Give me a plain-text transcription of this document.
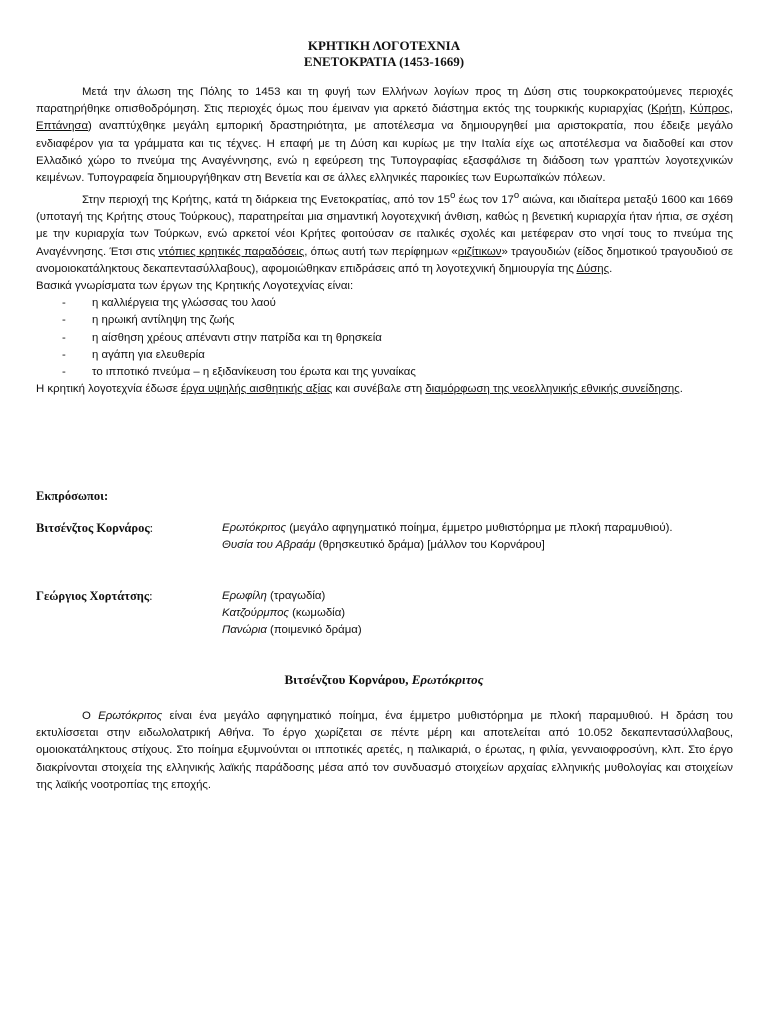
ΚΡΗΤΙΚΗ ΛΟΓΟΤΕΧΝΙΑ
ΕΝΕΤΟΚΡΑΤΙΑ (1453-1669)

Μετά την άλωση της Πόλης το 1453 και τη φυγή των Ελλήνων λογίων προς τη Δύση στις τουρκοκρατούμενες περιοχές παρατηρήθηκε οπισθοδρόμηση. Στις περιοχές όμως που έμειναν για αρκετό διάστημα εκτός της τουρκικής κυριαρχίας (Κρήτη, Κύπρος, Επτάνησα) αναπτύχθηκε μεγάλη εμπορική δραστηριότητα, με αποτέλεσμα να δημιουργηθεί μια αριστοκρατία, που έδειξε μεγάλο ενδιαφέρον για τα γράμματα και τις τέχνες. Η επαφή με τη Δύση και κυρίως με την Ιταλία είχε ως αποτέλεσμα να διαδοθεί και στον Ελλαδικό χώρο το πνεύμα της Αναγέννησης, ενώ η εφεύρεση της Τυπογραφίας εξασφάλισε τη διάδοση των γραπτών λογοτεχνικών κειμένων. Τυπογραφεία δημιουργήθηκαν στη Βενετία και σε άλλες ελληνικές παροικίες των Ευρωπαϊκών πόλεων.

Στην περιοχή της Κρήτης, κατά τη διάρκεια της Ενετοκρατίας, από τον $15^o$ έως τον $17^o$ αιώνα, και ιδιαίτερα μεταξύ 1600 και 1669 (υποταγή της Κρήτης στους Τούρκους), παρατηρείται μια σημαντική λογοτεχνική άνθιση, καθώς η βενετική κυριαρχία ήταν ήπια, σε σχέση με την κυριαρχία των Τούρκων, ενώ αρκετοί νέοι Κρήτες φοιτούσαν σε ιταλικές σχολές και μετέφεραν στο νησί τους το πνεύμα της Αναγέννησης. Έτσι στις ντόπιες κρητικές παραδόσεις, όπως αυτή των περίφημων «ριζίτικων» τραγουδιών (είδος δημοτικού τραγουδιού σε ανομοιοκατάληκτους δεκαπεντασύλλαβους), αφομοιώθηκαν επιδράσεις από τη λογοτεχνική δημιουργία της Δύσης.

Βασικά γνωρίσματα των έργων της Κρητικής Λογοτεχνίας είναι:

-	η καλλιέργεια της γλώσσας του λαού
-	η ηρωική αντίληψη της ζωής
-	η αίσθηση χρέους απέναντι στην πατρίδα και τη θρησκεία
-	η αγάπη για ελευθερία
-	το ιπποτικό πνεύμα – η εξιδανίκευση του έρωτα και της γυναίκας

Η κρητική λογοτεχνία έδωσε έργα υψηλής αισθητικής αξίας και συνέβαλε στη διαμόρφωση της νεοελληνικής εθνικής συνείδησης.

Εκπρόσωποι:
Βιτσένζτος Κορνάρος:	Ερωτόκριτος (μεγάλο αφηγηματικό ποίημα, έμμετρο μυθιστόρημα με πλοκή παραμυθιού).
Θυσία του Αβραάμ (θρησκευτικό δράμα) [μάλλον του Κορνάρου]
Γεώργιος Χορτάτσης:	Ερωφίλη (τραγωδία)
Κατζούρμπος (κωμωδία)
Πανώρια (ποιμενικό δράμα)
Βιτσένζτου Κορνάρου, Ερωτόκριτος

Ο Ερωτόκριτος είναι ένα μεγάλο αφηγηματικό ποίημα, ένα έμμετρο μυθιστόρημα με πλοκή παραμυθιού. Η δράση του εκτυλίσσεται στην ειδωλολατρική Αθήνα. Το έργο χωρίζεται σε πέντε μέρη και αποτελείται από 10.052 δεκαπεντασύλλαβους, ομοιοκατάληκτους στίχους. Στο ποίημα εξυμνούνται οι ιπποτικές αρετές, η παλικαριά, ο έρωτας, η φιλία, γενναιοφροσύνη, κλπ. Στο έργο διακρίνονται στοιχεία της ελληνικής λαϊκής παράδοσης μέσα από τον συνδυασμό στοιχείων αρχαίας ελληνικής μυθολογίας και στοιχείων της λαϊκής νοοτροπίας της εποχής.
